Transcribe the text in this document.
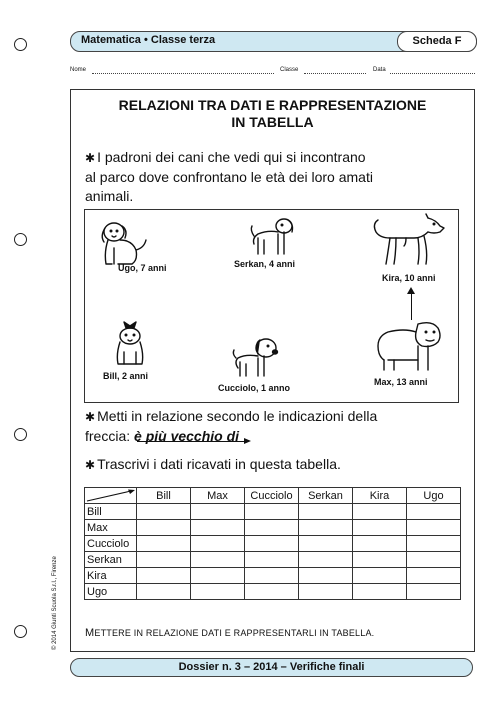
Matematica • Classe terza	Scheda F
Nome	Classe	Data
RELAZIONI TRA DATI E RAPPRESENTAZIONE
IN TABELLA
✱ I padroni dei cani che vedi qui si incontrano
al parco dove confrontano le età dei loro amati
animali.
Ugo, 7 anni	Serkan, 4 anni
Kira, 10 anni
Bill, 2 anni
Cucciolo, 1 anno
Max, 13 anni
✱ Metti in relazione secondo le indicazioni della
freccia: è più vecchio di
✱ Trascrivi i dati ricavati in questa tabella.
	Bill	Max	Cucciolo	Serkan	Kira	Ugo
Bill						
Max						
Cucciolo						
Serkan						
Kira						
Ugo						
METTERE IN RELAZIONE DATI E RAPPRESENTARLI IN TABELLA.
© 2014 Giunti Scuola S.r.l., Firenze
Dossier n. 3 – 2014 – Verifiche finali
